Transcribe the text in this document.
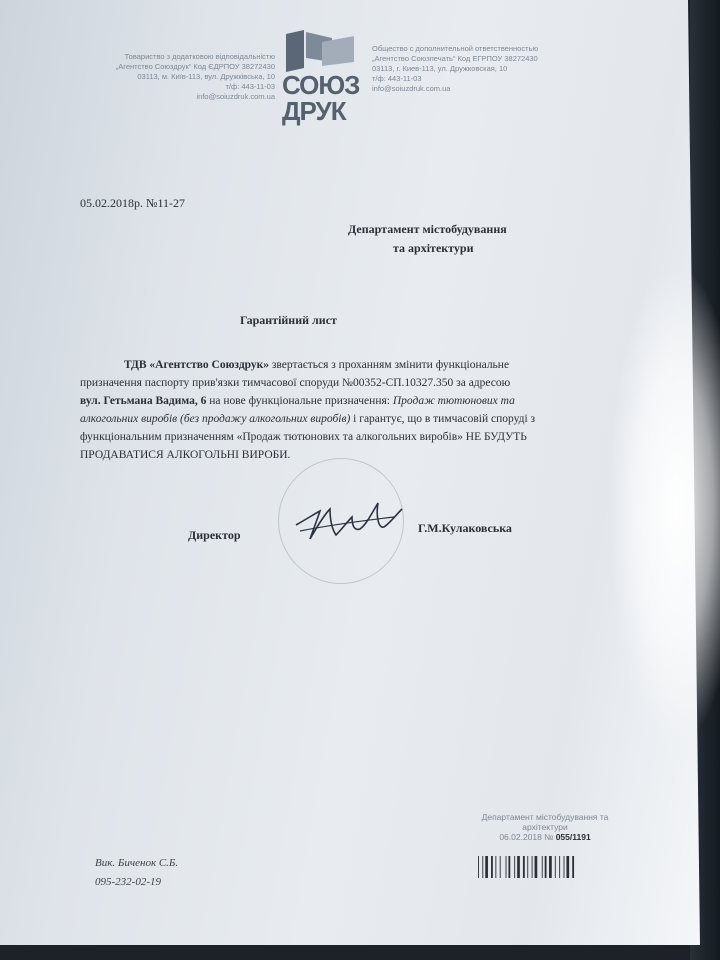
Товариство з додатковою відповідальністю
„Агентство Союздрук“ Код ЄДРПОУ 38272430
03113, м. Київ-113, вул. Дружківська, 10
т/ф: 443-11-03
info@soiuzdruk.com.ua СОЮЗ
ДРУК
Общество с дополнительной ответственностью
„Агентство Союзпечать“ Код ЕГРПОУ 38272430
03113, г. Киев-113, ул. Дружковская, 10
т/ф: 443-11-03
info@soiuzdruk.com.ua
05.02.2018р. №11-27
Департамент містобудування
та архітектури
Гарантійний лист
ТДВ «Агентство Союздрук» звертається з проханням змінити функціональне
призначення паспорту прив'язки тимчасової споруди №00352-СП.10327.350 за адресою
вул. Гетьмана Вадима, 6 на нове функціональне призначення: Продаж тютюнових та
алкогольних виробів (без продажу алкогольних виробів) і гарантує, що в тимчасовій споруді з
функціональним призначенням «Продаж тютюнових та алкогольних виробів» НЕ БУДУТЬ
ПРОДАВАТИСЯ АЛКОГОЛЬНІ ВИРОБИ.
Директор	Г.М.Кулаковська
Департамент містобудування та
архітектури
06.02.2018 № 055/1191
Вик. Биченок С.Б.
095-232-02-19
